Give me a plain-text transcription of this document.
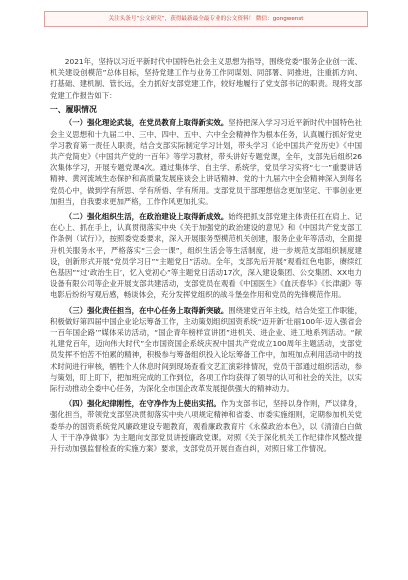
关注头条号“公文研究”，获得最新最全最专业的公文资料！ 微信：gongwenst

2021年，坚持以习近平新时代中国特色社会主义思想为指导，围绕党委“服务企业创一流、机关建设创模范”总体目标，坚持党建工作与业务工作同谋划、同部署、同推进，注重抓方向、打基础、建机制、管长远，全力抓好支部党建工作，较好地履行了党支部书记的职责。现将支部党建工作报告如下：

一、履职情况

（一）强化理论武装，在党员教育上取得新实效。坚持把深入学习习近平新时代中国特色社会主义思想和十九届二中、三中、四中、五中、六中全会精神作为根本任务，认真履行抓好党史学习教育第一责任人职责，结合支部实际制定学习计划，带头学习《论中国共产党历史》《中国共产党简史》《中国共产党的一百年》等学习教材，带头讲好专题党课，全年，支部先后组织26次集体学习，开展专题党课4次。通过集体学、自主学、系统学，党员学习实将“七一”重要讲话精神、黄河流域生态保护和高质量发展座谈会上讲话精神、党的十九届六中全会精神深入到每名党员心中，做到学有所思、学有所悟、学有所用。支部党员干部理想信念更加坚定、干事创业更加担当，自我要求更加严格，工作作风更加扎实。

（二）强化组织生活，在政治建设上取得新成效。始终把抓支部党建主体责任扛在肩上、记在心上、抓在手上，认真贯彻落实中央《关于加强党的政治建设的意见》和《中国共产党支部工作条例（试行）》，按照委党委要求，深入开展服务型模范机关创建，服务企业年等活动，全面提升机关服务水平，严格落实“三会一课”，组织生活会等生活制度，进一步规范支部组织制度建设，创新形式开展“党员学习日”“主题党日”活动。全年，支部先后开展“观看红色电影，赓续红色基因”“过‘政治生日’，忆入党初心”等主题党日活动17次，深入建设集团、公交集团、XX电力设备有限公司等企业开展支部共建活动，支部党员在观看《中国医生》《血沃春华》《长津湖》等电影后纷纷写观后感，畅谈体会，充分发挥党组织的战斗堡垒作用和党员的先锋模范作用。

（三）强化责任担当，在中心任务上取得新突破。围绕建党百年主线，结合处室工作职能，积极做好第四届中国企业论坛筹备工作，主动策划组织国资系统“迈开新‘壮丽100年·迈入强省会一百年国企路’”媒体采访活动，“国企青年榜样宣讲团”进机关、进企业、进工地系列活动。“献礼建党百年，迈向伟大时代”全市国资国企系统庆祝中国共产党成立100周年主题活动，支部党员发挥不怕苦不怕累的精神，积极参与筹备组织投入论坛筹备工作中，加班加点利用活动中的技术时间进行审核，牺牲个人休息时间到现场查看文艺汇演彩排情况，党员干部通过组织活动，参与策划，盯上盯下，把加班完成的工作到位，各项工作均获得了领导的认可和社会的关注，以实际行动推动全委中心任务，为深化全市国企改革发展提供强大的精神动力。

（四）强化纪律刚性，在守净作为上使出实招。作为支部书记，坚持以身作则，严以律身，强化担当，带领党支部坚决贯彻落实中央八项规定精神和省委、市委实施细则，定期参加机关党委举办的国资系统党风廉政建设专题教育，观看廉政教育片《永葆政治本色》，以《清清白白做人 干干净净做事》为主题向支部党员讲授廉政党课。对照《关于深化机关工作纪律作风整改提升行动加强监督检查的实施方案》要求，支部党员开展自查自纠，对照日常工作情况。
